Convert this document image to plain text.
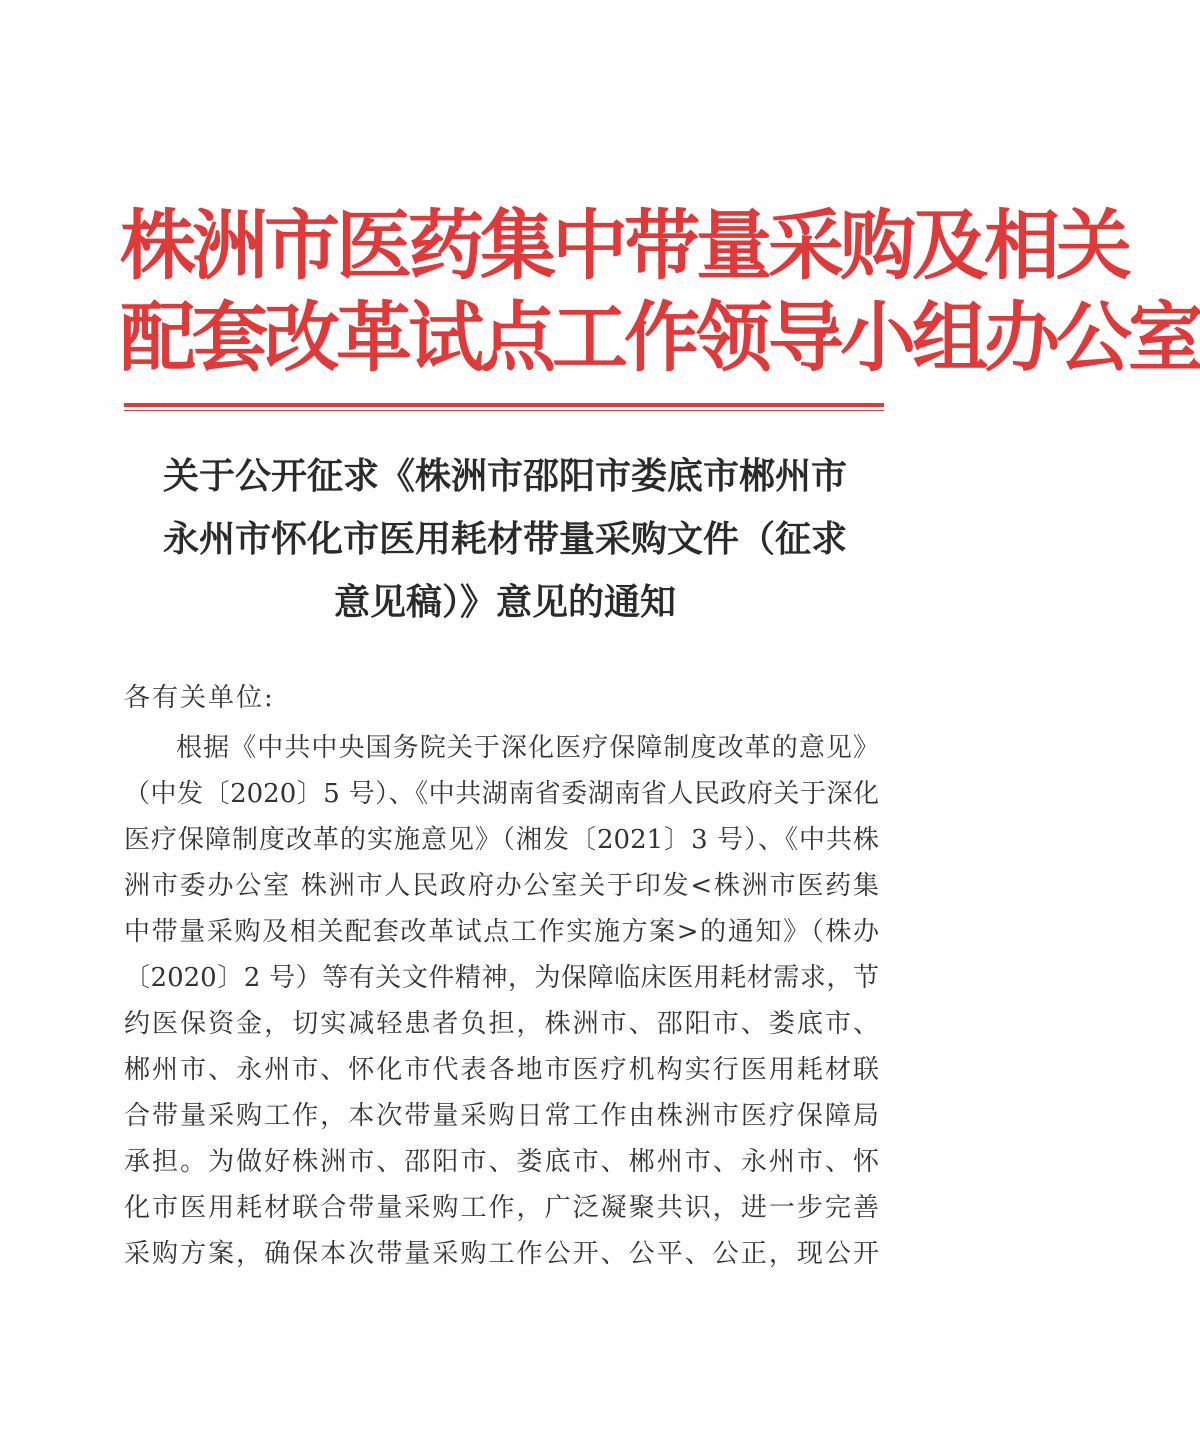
株洲市医药集中带量采购及相关
配套改革试点工作领导小组办公室
关于公开征求《株洲市邵阳市娄底市郴州市
永州市怀化市医用耗材带量采购文件（征求
意见稿）》意见的通知
各有关单位:
根据《中共中央国务院关于深化医疗保障制度改革的意见》
（中发〔2020〕5 号）、《中共湖南省委湖南省人民政府关于深化
医疗保障制度改革的实施意见》（湘发〔2021〕3 号）、《中共株
洲市委办公室 株洲市人民政府办公室关于印发<株洲市医药集
中带量采购及相关配套改革试点工作实施方案>的通知》（株办
〔2020〕2 号）等有关文件精神，为保障临床医用耗材需求，节
约医保资金，切实减轻患者负担，株洲市、邵阳市、娄底市、
郴州市、永州市、怀化市代表各地市医疗机构实行医用耗材联
合带量采购工作，本次带量采购日常工作由株洲市医疗保障局
承担。为做好株洲市、邵阳市、娄底市、郴州市、永州市、怀
化市医用耗材联合带量采购工作，广泛凝聚共识，进一步完善
采购方案，确保本次带量采购工作公开、公平、公正，现公开
